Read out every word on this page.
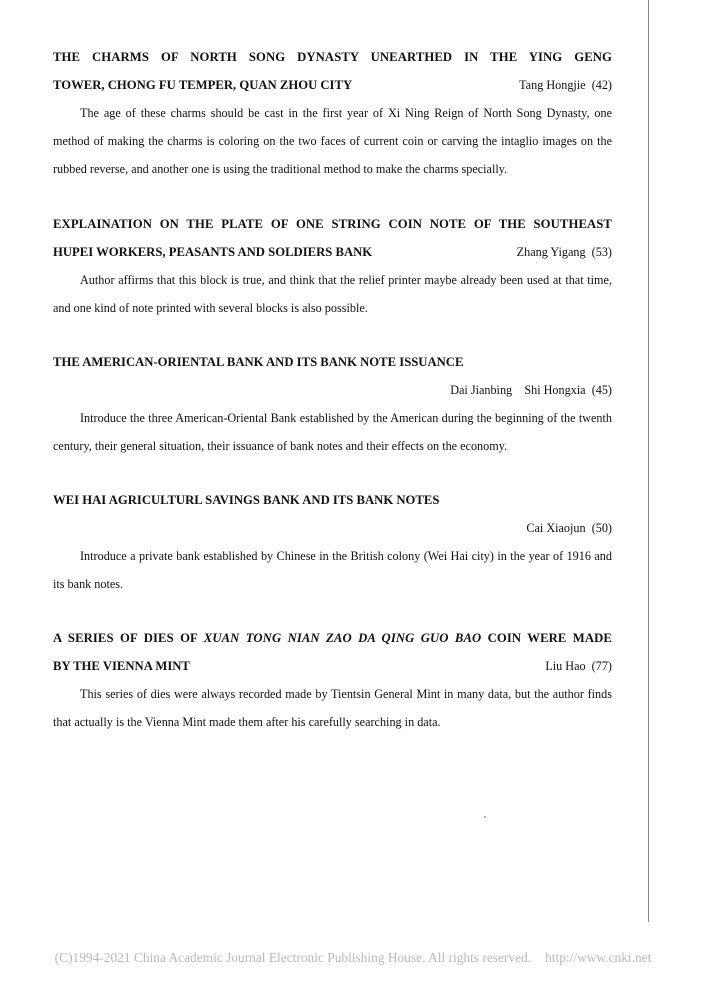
THE CHARMS OF NORTH SONG DYNASTY UNEARTHED IN THE YING GENG
TOWER, CHONG FU TEMPER, QUAN ZHOU CITY	Tang Hongjie (42)
The age of these charms should be cast in the first year of Xi Ning Reign of North Song Dynasty, one method of making the charms is coloring on the two faces of current coin or carving the intaglio images on the rubbed reverse, and another one is using the traditional method to make the charms specially.
EXPLAINATION ON THE PLATE OF ONE STRING COIN NOTE OF THE SOUTHEAST
HUPEI WORKERS, PEASANTS AND SOLDIERS BANK	Zhang Yigang (53)
Author affirms that this block is true, and think that the relief printer maybe already been used at that time, and one kind of note printed with several blocks is also possible.
THE AMERICAN-ORIENTAL BANK AND ITS BANK NOTE ISSUANCE
Dai Jianbing Shi Hongxia (45)
Introduce the three American-Oriental Bank established by the American during the beginning of the twenth century, their general situation, their issuance of bank notes and their effects on the economy.
WEI HAI AGRICULTURL SAVINGS BANK AND ITS BANK NOTES
Cai Xiaojun (50)
Introduce a private bank established by Chinese in the British colony (Wei Hai city) in the year of 1916 and its bank notes.
A SERIES OF DIES OF XUAN TONG NIAN ZAO DA QING GUO BAO COIN WERE MADE
BY THE VIENNA MINT	Liu Hao (77)
This series of dies were always recorded made by Tientsin General Mint in many data, but the author finds that actually is the Vienna Mint made them after his carefully searching in data.
(C)1994-2021 China Academic Journal Electronic Publishing House. All rights reserved. http://www.cnki.net
